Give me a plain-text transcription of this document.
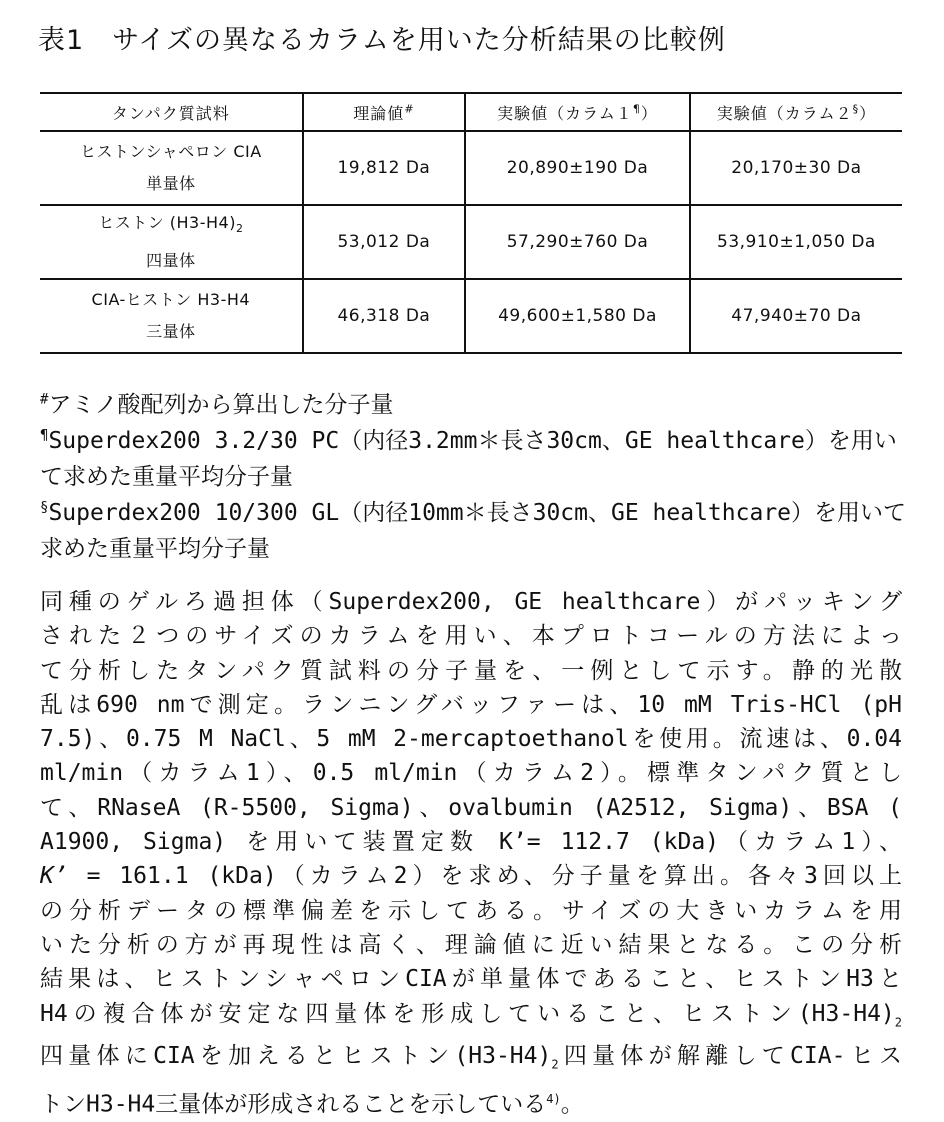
表1　サイズの異なるカラムを用いた分析結果の比較例
タンパク質試料	理論値#	実験値（カラム１¶）	実験値（カラム２§）

ヒストンシャペロン CIA
単量体	19,812 Da	20,890±190 Da	20,170±30 Da

ヒストン $(H3-H4)_2$
四量体	53,012 Da	57,290±760 Da	53,910±1,050 Da

CIA-ヒストン H3-H4
三量体	46,318 Da	49,600±1,580 Da	47,940±70 Da
#アミノ酸配列から算出した分子量
¶Superdex200 3.2/30 PC（内径3.2mm＊長さ30cm、GE healthcare）を用いて求めた重量平均分子量
§Superdex200 10/300 GL（内径10mm＊長さ30cm、GE healthcare）を用いて求めた重量平均分子量
同種のゲルろ過担体（Superdex200, GE healthcare）がパッキング
された２つのサイズのカラムを用い、本プロトコールの方法によっ
て分析したタンパク質試料の分子量を、一例として示す。静的光散
乱は690 nmで測定。ランニングバッファーは、10 mM Tris-HCl (pH
7.5)、0.75 M NaCl、5 mM 2-mercaptoethanolを使用。流速は、0.04
ml/min（カラム1）、0.5 ml/min（カラム2）。標準タンパク質とし
て、RNaseA (R-5500, Sigma)、ovalbumin (A2512, Sigma)、BSA (
A1900, Sigma) を用いて装置定数 K’= 112.7 (kDa)（カラム1）、
K’ = 161.1 (kDa)（カラム2）を求め、分子量を算出。各々3回以上
の分析データの標準偏差を示してある。サイズの大きいカラムを用
いた分析の方が再現性は高く、理論値に近い結果となる。この分析
結果は、ヒストンシャペロンCIAが単量体であること、ヒストンH3と
H4の複合体が安定な四量体を形成していること、ヒストン$(H3-H4)_2$
四量体にCIAを加えるとヒストン$(H3-H4)_2$四量体が解離してCIA-ヒス
トンH3-H4三量体が形成されることを示している$^{4)}$。
